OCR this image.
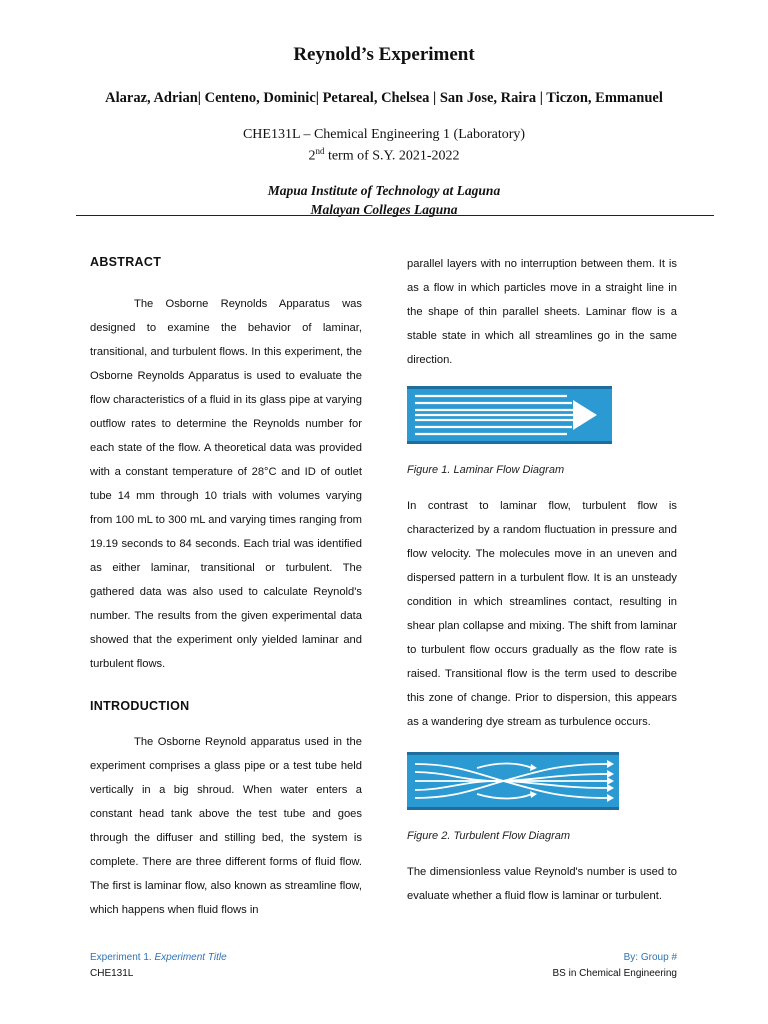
Reynold’s Experiment
Alaraz, Adrian| Centeno, Dominic| Petareal, Chelsea | San Jose, Raira | Ticzon, Emmanuel
CHE131L – Chemical Engineering 1 (Laboratory)
2nd term of S.Y. 2021-2022
Mapua Institute of Technology at Laguna
Malayan Colleges Laguna
ABSTRACT

The Osborne Reynolds Apparatus was designed to examine the behavior of laminar, transitional, and turbulent flows. In this experiment, the Osborne Reynolds Apparatus is used to evaluate the flow characteristics of a fluid in its glass pipe at varying outflow rates to determine the Reynolds number for each state of the flow. A theoretical data was provided with a constant temperature of 28°C and ID of outlet tube 14 mm through 10 trials with volumes varying from 100 mL to 300 mL and varying times ranging from 19.19 seconds to 84 seconds. Each trial was identified as either laminar, transitional or turbulent. The gathered data was also used to calculate Reynold's number. The results from the given experimental data showed that the experiment only yielded laminar and turbulent flows.

INTRODUCTION

The Osborne Reynold apparatus used in the experiment comprises a glass pipe or a test tube held vertically in a big shroud. When water enters a constant head tank above the test tube and goes through the diffuser and stilling bed, the system is complete. There are three different forms of fluid flow. The first is laminar flow, also known as streamline flow, which happens when fluid flows in

parallel layers with no interruption between them. It is as a flow in which particles move in a straight line in the shape of thin parallel sheets. Laminar flow is a stable state in which all streamlines go in the same direction.

Figure 1. Laminar Flow Diagram

In contrast to laminar flow, turbulent flow is characterized by a random fluctuation in pressure and flow velocity. The molecules move in an uneven and dispersed pattern in a turbulent flow. It is an unsteady condition in which streamlines contact, resulting in shear plan collapse and mixing. The shift from laminar to turbulent flow occurs gradually as the flow rate is raised. Transitional flow is the term used to describe this zone of change. Prior to dispersion, this appears as a wandering dye stream as turbulence occurs.

Figure 2. Turbulent Flow Diagram

The dimensionless value Reynold's number is used to evaluate whether a fluid flow is laminar or turbulent.

Experiment 1. Experiment Title
CHE131L
By: Group #
BS in Chemical Engineering
